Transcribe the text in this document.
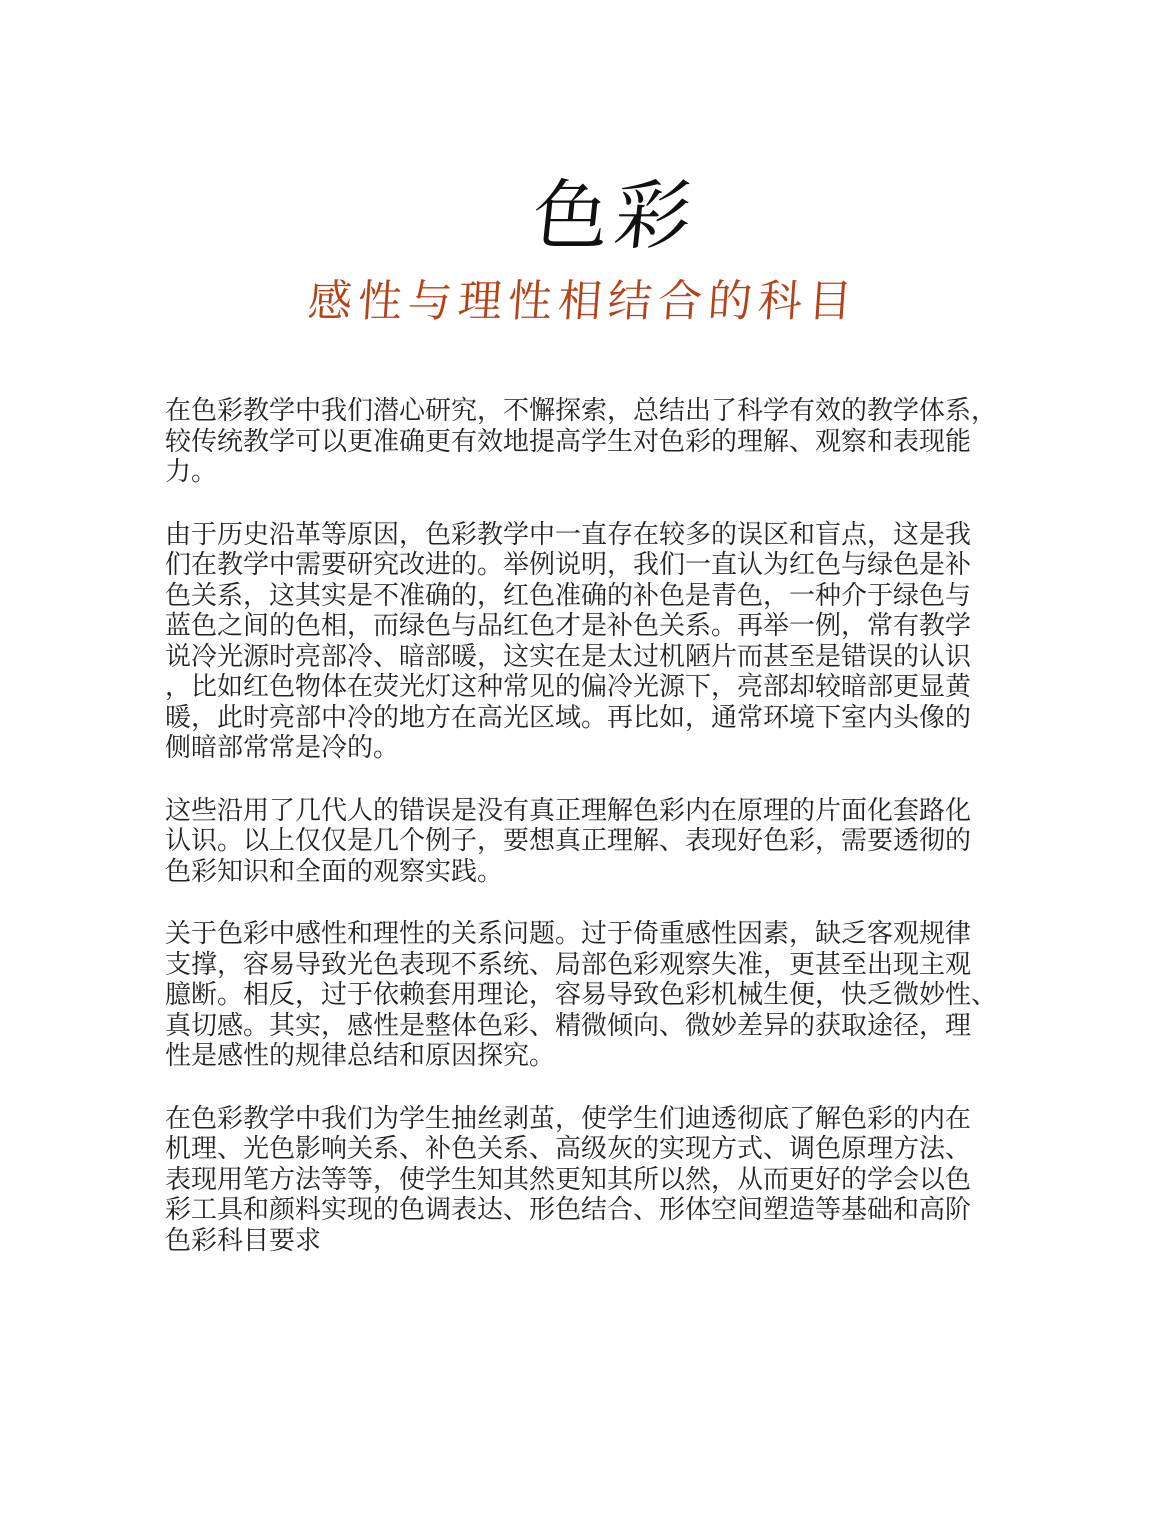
色彩
感性与理性相结合的科目

在色彩教学中我们潜心研究，不懈探索，总结出了科学有效的教学体系，
较传统教学可以更准确更有效地提高学生对色彩的理解、观察和表现能
力。

由于历史沿革等原因，色彩教学中一直存在较多的误区和盲点，这是我
们在教学中需要研究改进的。举例说明，我们一直认为红色与绿色是补
色关系，这其实是不准确的，红色准确的补色是青色，一种介于绿色与
蓝色之间的色相，而绿色与品红色才是补色关系。再举一例，常有教学
说冷光源时亮部冷、暗部暖，这实在是太过机陋片而甚至是错误的认识
，比如红色物体在荧光灯这种常见的偏冷光源下，亮部却较暗部更显黄
暖，此时亮部中冷的地方在高光区域。再比如，通常环境下室内头像的
侧暗部常常是冷的。

这些沿用了几代人的错误是没有真正理解色彩内在原理的片面化套路化
认识。以上仅仅是几个例子，要想真正理解、表现好色彩，需要透彻的
色彩知识和全面的观察实践。

关于色彩中感性和理性的关系问题。过于倚重感性因素，缺乏客观规律
支撑，容易导致光色表现不系统、局部色彩观察失准，更甚至出现主观
臆断。相反，过于依赖套用理论，容易导致色彩机械生便，快乏微妙性、
真切感。其实，感性是整体色彩、精微倾向、微妙差异的获取途径，理
性是感性的规律总结和原因探究。

在色彩教学中我们为学生抽丝剥茧，使学生们迪透彻底了解色彩的内在
机理、光色影响关系、补色关系、高级灰的实现方式、调色原理方法、
表现用笔方法等等，使学生知其然更知其所以然，从而更好的学会以色
彩工具和颜料实现的色调表达、形色结合、形体空间塑造等基础和高阶
色彩科目要求
